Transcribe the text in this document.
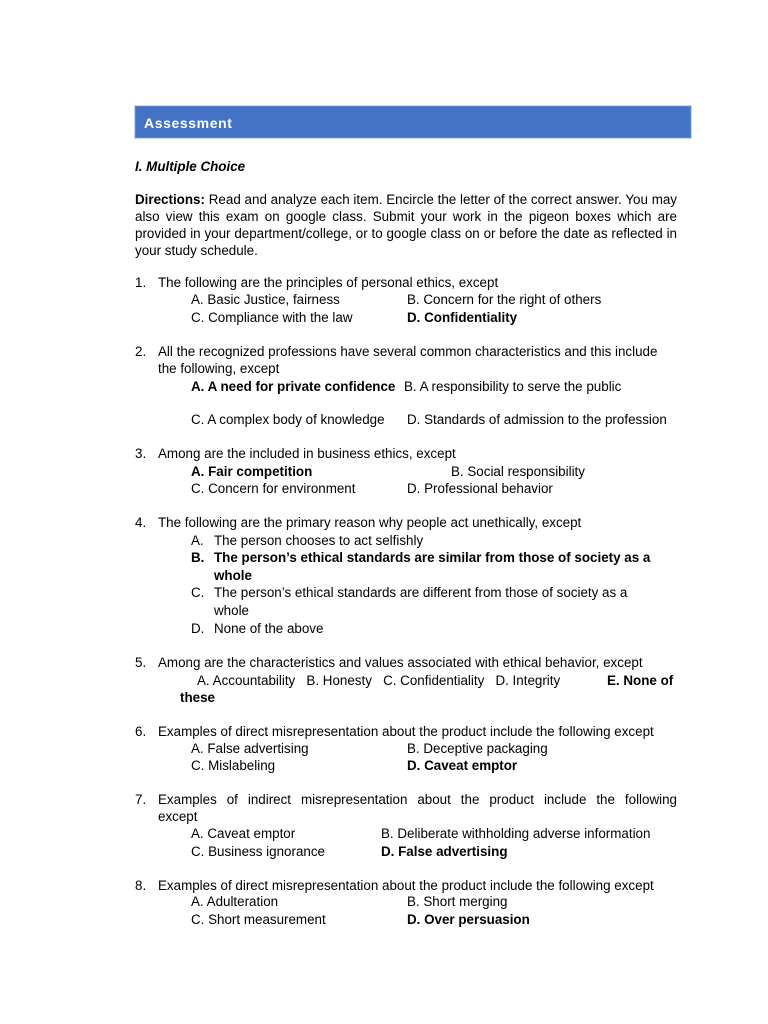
Assessment
I. Multiple Choice
Directions: Read and analyze each item. Encircle the letter of the correct answer. You may also view this exam on google class. Submit your work in the pigeon boxes which are provided in your department/college, or to google class on or before the date as reflected in your study schedule.
1. The following are the principles of personal ethics, except
A. Basic Justice, fairness	B. Concern for the right of others
C. Compliance with the law	D. Confidentiality
2. All the recognized professions have several common characteristics and this include
the following, except
A. A need for private confidence B. A responsibility to serve the public
C. A complex body of knowledge D. Standards of admission to the profession
3. Among are the included in business ethics, except
A. Fair competition	B. Social responsibility
C. Concern for environment	D. Professional behavior
4. The following are the primary reason why people act unethically, except
A. The person chooses to act selfishly
B. The person’s ethical standards are similar from those of society as a
whole
C. The person’s ethical standards are different from those of society as a
whole
D. None of the above
5. Among are the characteristics and values associated with ethical behavior, except
A. Accountability   B. Honesty   C. Confidentiality   D. Integrity	E. None of
these
6. Examples of direct misrepresentation about the product include the following except
A. False advertising	B. Deceptive packaging
C. Mislabeling	D. Caveat emptor
7. Examples of indirect misrepresentation about the product include the following
except
A. Caveat emptor	B. Deliberate withholding adverse information
C. Business ignorance	D. False advertising
8. Examples of direct misrepresentation about the product include the following except
A. Adulteration	B. Short merging
C. Short measurement	D. Over persuasion
